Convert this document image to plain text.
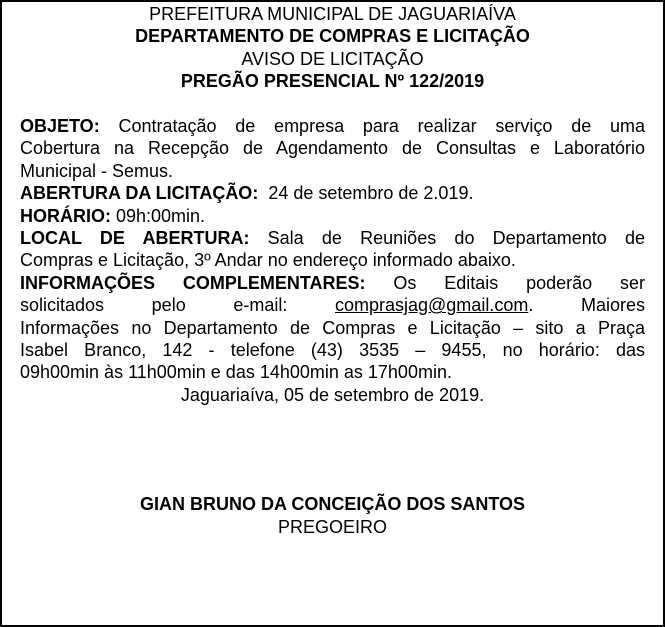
PREFEITURA MUNICIPAL DE JAGUARIAÍVA
DEPARTAMENTO DE COMPRAS E LICITAÇÃO
AVISO DE LICITAÇÃO
PREGÃO PRESENCIAL Nº 122/2019
OBJETO: Contratação de empresa para realizar serviço de uma
Cobertura na Recepção de Agendamento de Consultas e Laboratório
Municipal - Semus.
ABERTURA DA LICITAÇÃO:  24 de setembro de 2.019.
HORÁRIO: 09h:00min.
LOCAL DE ABERTURA: Sala de Reuniões do Departamento de
Compras e Licitação, 3º Andar no endereço informado abaixo.
INFORMAÇÕES COMPLEMENTARES: Os Editais poderão ser
solicitados pelo e-mail: comprasjag@gmail.com. Maiores
Informações no Departamento de Compras e Licitação – sito a Praça
Isabel Branco, 142 - telefone (43) 3535 – 9455, no horário: das
09h00min às 11h00min e das 14h00min as 17h00min.
Jaguariaíva, 05 de setembro de 2019.
GIAN BRUNO DA CONCEIÇÃO DOS SANTOS
PREGOEIRO
